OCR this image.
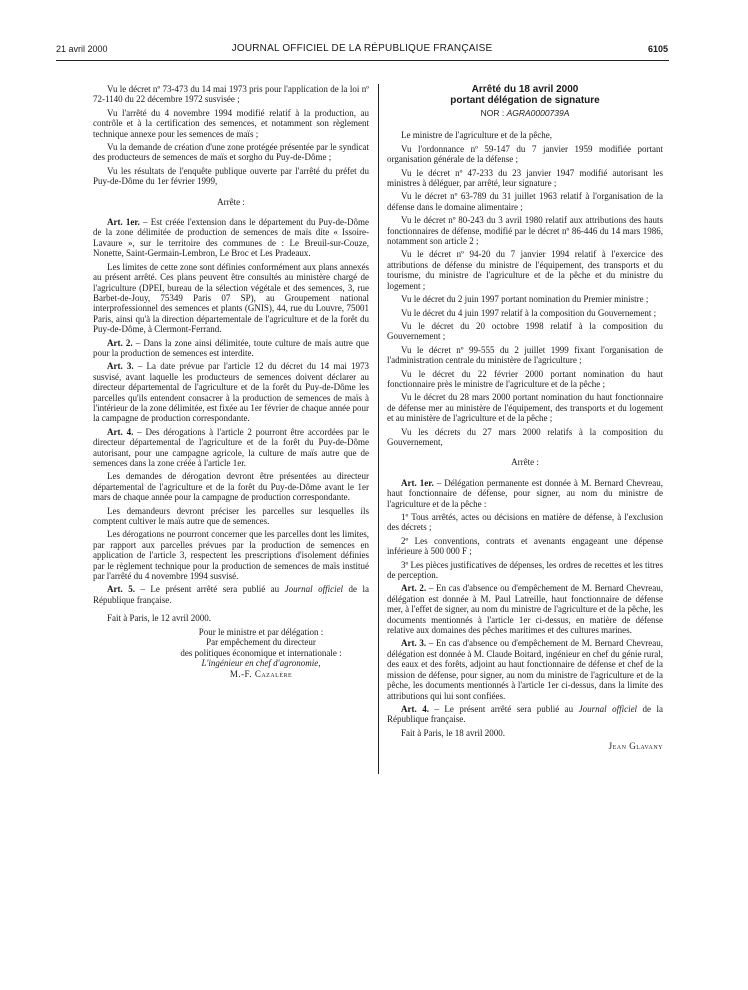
21 avril 2000	JOURNAL OFFICIEL DE LA RÉPUBLIQUE FRANÇAISE	6105

Vu le décret nº 73-473 du 14 mai 1973 pris pour l'application de la loi nº 72-1140 du 22 décembre 1972 susvisée ;

Vu l'arrêté du 4 novembre 1994 modifié relatif à la production, au contrôle et à la certification des semences, et notamment son règlement technique annexe pour les semences de maïs ;

Vu la demande de création d'une zone protégée présentée par le syndicat des producteurs de semences de maïs et sorgho du Puy-de-Dôme ;

Vu les résultats de l'enquête publique ouverte par l'arrêté du préfet du Puy-de-Dôme du 1er février 1999,

Arrête :

Art. 1er. – Est créée l'extension dans le département du Puy-de-Dôme de la zone délimitée de production de semences de maïs dite « Issoire-Lavaure », sur le territoire des communes de : Le Breuil-sur-Couze, Nonette, Saint-Germain-Lembron, Le Broc et Les Pradeaux.

Les limites de cette zone sont définies conformément aux plans annexés au présent arrêté. Ces plans peuvent être consultés au ministère chargé de l'agriculture (DPEI, bureau de la sélection végétale et des semences, 3, rue Barbet-de-Jouy, 75349 Paris 07 SP), au Groupement national interprofessionnel des semences et plants (GNIS), 44, rue du Louvre, 75001 Paris, ainsi qu'à la direction départementale de l'agriculture et de la forêt du Puy-de-Dôme, à Clermont-Ferrand.

Art. 2. – Dans la zone ainsi délimitée, toute culture de maïs autre que pour la production de semences est interdite.

Art. 3. – La date prévue par l'article 12 du décret du 14 mai 1973 susvisé, avant laquelle les producteurs de semences doivent déclarer au directeur départemental de l'agriculture et de la forêt du Puy-de-Dôme les parcelles qu'ils entendent consacrer à la production de semences de maïs à l'intérieur de la zone délimitée, est fixée au 1er février de chaque année pour la campagne de production correspondante.

Art. 4. – Des dérogations à l'article 2 pourront être accordées par le directeur départemental de l'agriculture et de la forêt du Puy-de-Dôme autorisant, pour une campagne agricole, la culture de maïs autre que de semences dans la zone créée à l'article 1er.

Les demandes de dérogation devront être présentées au directeur départemental de l'agriculture et de la forêt du Puy-de-Dôme avant le 1er mars de chaque année pour la campagne de production correspondante.

Les demandeurs devront préciser les parcelles sur lesquelles ils comptent cultiver le maïs autre que de semences.

Les dérogations ne pourront concerner que les parcelles dont les limites, par rapport aux parcelles prévues par la production de semences en application de l'article 3, respectent les prescriptions d'isolement définies par le règlement technique pour la production de semences de maïs institué par l'arrêté du 4 novembre 1994 susvisé.

Art. 5. – Le présent arrêté sera publié au Journal officiel de la République française.

Fait à Paris, le 12 avril 2000.

Pour le ministre et par délégation :

Par empêchement du directeur

des politiques économique et internationale :

L'ingénieur en chef d'agronomie,

M.-F. Cazalère

Arrêté du 18 avril 2000
portant délégation de signature
NOR : AGRA0000739A

Le ministre de l'agriculture et de la pêche,

Vu l'ordonnance nº 59-147 du 7 janvier 1959 modifiée portant organisation générale de la défense ;

Vu le décret nº 47-233 du 23 janvier 1947 modifié autorisant les ministres à déléguer, par arrêté, leur signature ;

Vu le décret nº 63-789 du 31 juillet 1963 relatif à l'organisation de la défense dans le domaine alimentaire ;

Vu le décret nº 80-243 du 3 avril 1980 relatif aux attributions des hauts fonctionnaires de défense, modifié par le décret nº 86-446 du 14 mars 1986, notamment son article 2 ;

Vu le décret nº 94-20 du 7 janvier 1994 relatif à l'exercice des attributions de défense du ministre de l'équipement, des transports et du tourisme, du ministre de l'agriculture et de la pêche et du ministre du logement ;

Vu le décret du 2 juin 1997 portant nomination du Premier ministre ;

Vu le décret du 4 juin 1997 relatif à la composition du Gouvernement ;

Vu le décret du 20 octobre 1998 relatif à la composition du Gouvernement ;

Vu le décret nº 99-555 du 2 juillet 1999 fixant l'organisation de l'administration centrale du ministère de l'agriculture ;

Vu le décret du 22 février 2000 portant nomination du haut fonctionnaire près le ministre de l'agriculture et de la pêche ;

Vu le décret du 28 mars 2000 portant nomination du haut fonctionnaire de défense mer au ministère de l'équipement, des transports et du logement et au ministère de l'agriculture et de la pêche ;

Vu les décrets du 27 mars 2000 relatifs à la composition du Gouvernement,

Arrête :

Art. 1er. – Délégation permanente est donnée à M. Bernard Chevreau, haut fonctionnaire de défense, pour signer, au nom du ministre de l'agriculture et de la pêche :

1º Tous arrêtés, actes ou décisions en matière de défense, à l'exclusion des décrets ;

2º Les conventions, contrats et avenants engageant une dépense inférieure à 500 000 F ;

3º Les pièces justificatives de dépenses, les ordres de recettes et les titres de perception.

Art. 2. – En cas d'absence ou d'empêchement de M. Bernard Chevreau, délégation est donnée à M. Paul Latreille, haut fonctionnaire de défense mer, à l'effet de signer, au nom du ministre de l'agriculture et de la pêche, les documents mentionnés à l'article 1er ci-dessus, en matière de défense relative aux domaines des pêches maritimes et des cultures marines.

Art. 3. – En cas d'absence ou d'empêchement de M. Bernard Chevreau, délégation est donnée à M. Claude Boitard, ingénieur en chef du génie rural, des eaux et des forêts, adjoint au haut fonctionnaire de défense et chef de la mission de défense, pour signer, au nom du ministre de l'agriculture et de la pêche, les documents mentionnés à l'article 1er ci-dessus, dans la limite des attributions qui lui sont confiées.

Art. 4. – Le présent arrêté sera publié au Journal officiel de la République française.

Fait à Paris, le 18 avril 2000.

Jean Glavany
